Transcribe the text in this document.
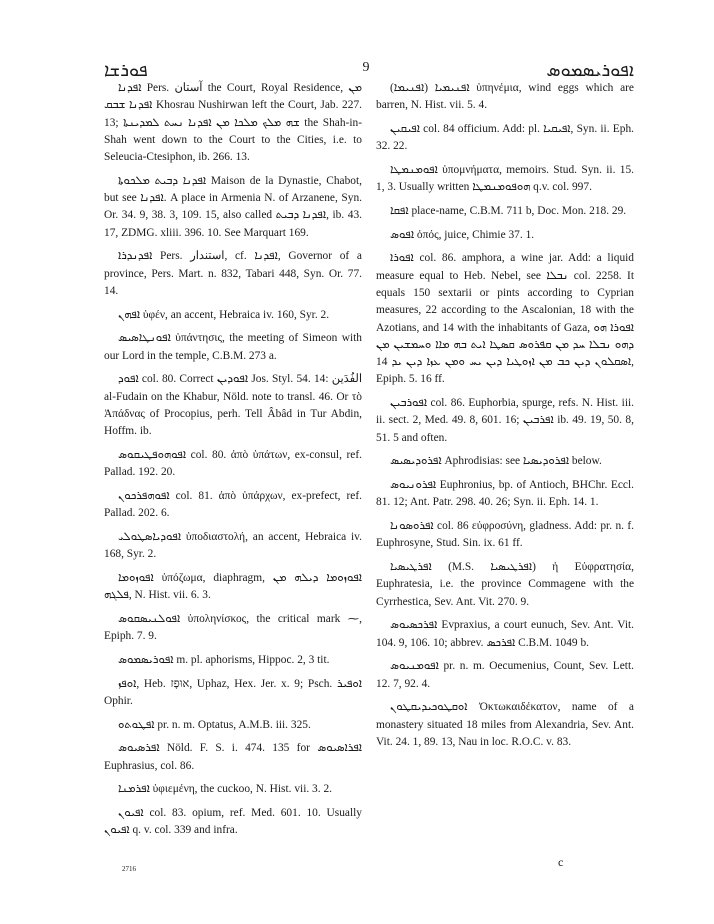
ܦܘܪܫܐ	9	ܐܦܘܪܝܣܡܘܣ

ܐܦܕܢܐ Pers. آستان the Court, Royal Residence, ܡܢ ܐܦܕܢܐ ܫܒܩ Khosrau Nushirwan left the Court, Jab. 227. 13; ܫܗ ܡܠܟ ܡܠܟܐ ܡܢ ܐܦܕܢܐ ܢܚܬ ܠܡܕܝܢܬܐ the Shah-in-Shah went down to the Court to the Cities, i.e. to Seleucia-Ctesiphon, ib. 266. 13.

ܐܦܕܢܐ ܕܒܝܬ ܡܠܟܘܬܐ Maison de la Dynastie, Chabot, but see ܐܦܕܢܐ. A place in Armenia N. of Arzanene, Syn. Or. 34. 9, 38. 3, 109. 15, also called ܐܦܕܢܐ ܕܒܝܬ, ib. 43. 17, ZDMG. xliii. 396. 10. See Marquart 169.

ܐܦܕܢܕܪܐ Pers. استندار, cf. ܐܦܕܢܐ, Governor of a province, Pers. Mart. n. 832, Tabari 448, Syn. Or. 77. 14.

ܐܦܗܢ ὑφέν, an accent, Hebraica iv. 160, Syr. 2.

ܐܦܘܢܛܐܣܝܣ ὑπάντησις, the meeting of Simeon with our Lord in the temple, C.B.M. 273 a.

ܐܦܘܕ col. 80. Correct ܐܦܘܕܝܢ Jos. Styl. 54. 14: الفُدَين al-Fudain on the Khabur, Nöld. note to transl. 46. Or τὸ Ἀπάδνας of Procopius, perh. Tell Âbâd in Tur Abdin, Hoffm. ib.

ܐܦܘܗܘܦܛܝܩܘܣ col. 80. ἀπὸ ὑπάτων, ex-consul, ref. Pallad. 192. 20.

ܐܦܘܗܦܪܟܘܢ col. 81. ἀπὸ ὑπάρχων, ex-prefect, ref. Pallad. 202. 6.

ܐܦܘܕܝܐܣܛܘܠܝ ὑποδιαστολή, an accent, Hebraica iv. 168, Syr. 2.

ܐܦܘܙܘܡܐ ὑπόζωμα, diaphragm, ܐܦܘܙܘܡܐ ܕܝܠܗ ܡܢ ܦܠܓܗ, N. Hist. vii. 6. 3.

ܐܦܘܠܢܝܣܩܘܣ ὑποληνίσκος, the critical mark ⁓, Epiph. 7. 9.

ܐܦܘܪܝܣܡܘܣ m. pl. aphorisms, Hippoc. 2, 3 tit.

ܐܘܦܙ, Heb. אוּפָז, Uphaz, Hex. Jer. x. 9; Psch. ܐܘܦܝܪ Ophir.

ܐܦܛܘܬܘ pr. n. m. Optatus, A.M.B. iii. 325.

ܐܦܪܣܝܘܣ Nöld. F. S. i. 474. 135 for ܐܦܪܐܣܝܘܣ Euphrasius, col. 86.

ܐܦܪܡܢܐ ὑφιεμένη, the cuckoo, N. Hist. vii. 3. 2.

ܐܦܝܘܢ col. 83. opium, ref. Med. 601. 10. Usually ܐܦܝܘܢ q. v. col. 339 and infra.

ܐܦܢܝܡܝܐ (ܐܦܢܝܡܐ) ὑπηνέμια, wind eggs which are barren, N. Hist. vii. 5. 4.

ܐܦܝܩܝܢ col. 84 officium. Add: pl. ܐܦܝܩܝܐ, Syn. ii. Eph. 32. 22.

ܐܦܘܡܢܡܛܐ ὑπομνήματα, memoirs. Stud. Syn. ii. 15. 1, 3. Usually written ܗܘܦܘܡܢܡܛܐ q.v. col. 997.

ܐܦܩܐ place-name, C.B.M. 711 b, Doc. Mon. 218. 29.

ܐܦܘܣ ὀπός, juice, Chimie 37. 1.

ܐܦܘܪܐ col. 86. amphora, a wine jar. Add: a liquid measure equal to Heb. Nebel, see ܢܒܠܐ col. 2258. It equals 150 sextarii or pints according to Cyprian measures, 22 according to the Ascalonian, 18 with the Azotians, and 14 with the inhabitants of Gaza, ܐܦܘܪܐ ܗܘ ܕܗܘ ܢܒܠܐ ܚܕ ܡܢ ܩܦܪܘܣ ܩܣܛܐ ܐܝܬ ܒܗ ܡܐܐ ܘܚܡܫܝܢ ܡܢ ܐܣܩܠܘܢ ܕܝܢ ܟܒ ܡܢ ܐܙܘܛܝܐ ܕܝܢ ܝܚ ܘܡܢ ܥܙܐ ܕܝܢ ܝܕ 14, Epiph. 5. 16 ff.

ܐܦܘܪܒܝܢ col. 86. Euphorbia, spurge, refs. N. Hist. iii. ii. sect. 2, Med. 49. 8, 601. 16; ܐܦܪܒܝܢ ib. 49. 19, 50. 8, 51. 5 and often.

ܐܦܪܘܕܝܣܝܣ Aphrodisias: see ܐܦܪܘܕܝܣܝܐ below.

ܐܦܪܘܢܝܘܣ Euphronius, bp. of Antioch, BHChr. Eccl. 81. 12; Ant. Patr. 298. 40. 26; Syn. ii. Eph. 14. 1.

ܐܦܪܘܣܘܢܐ col. 86 εὐφροσύνη, gladness. Add: pr. n. f. Euphrosyne, Stud. Sin. ix. 61 ff.

ܐܦܪܛܝܣܝܐ (M.S. ܐܦܪܛܝܣܝܐ) ἡ Εὐφρατησία, Euphratesia, i.e. the province Commagene with the Cyrrhestica, Sev. Ant. Vit. 270. 9.

ܐܦܪܟܣܝܘܣ Evpraxius, a court eunuch, Sev. Ant. Vit. 104. 9, 106. 10; abbrev. ܐܦܪܟܣ C.B.M. 1049 b.

ܐܦܘܡܢܝܘܣ pr. n. m. Oecumenius, Count, Sev. Lett. 12. 7, 92. 4.

ܐܘܩܛܘܟܝܕܝܩܛܘܢ Ὀκτωκαιδέκατον, name of a monastery situated 18 miles from Alexandria, Sev. Ant. Vit. 24. 1, 89. 13, Nau in loc. R.O.C. v. 83.

2716	c
